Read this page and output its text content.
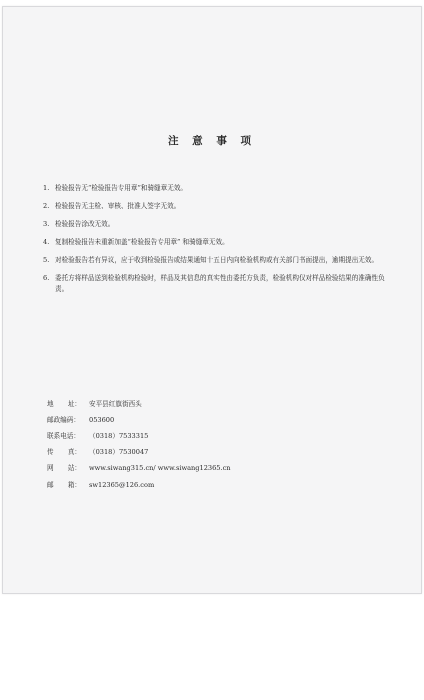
注 意 事 项
1. 检验报告无“检验报告专用章”和骑缝章无效。
2. 检验报告无主检、审核、批准人签字无效。
3. 检验报告涂改无效。
4. 复制检验报告未重新加盖“检验报告专用章” 和骑缝章无效。
5. 对检验报告若有异议，应于收到检验报告或结果通知十五日内向检验机构或有关部门书面提出，逾期提出无效。
6. 委托方将样品送到检验机构检验时，样品及其信息的真实性由委托方负责，检验机构仅对样品检验结果的准确性负责。
地 址： 安平县红旗街西头
邮政编码：	053600
联系电话：	（0318）7533315
传 真： （0318）7530047
网 站： www.siwang315.cn/ www.siwang12365.cn
邮 箱： sw12365@126.com
